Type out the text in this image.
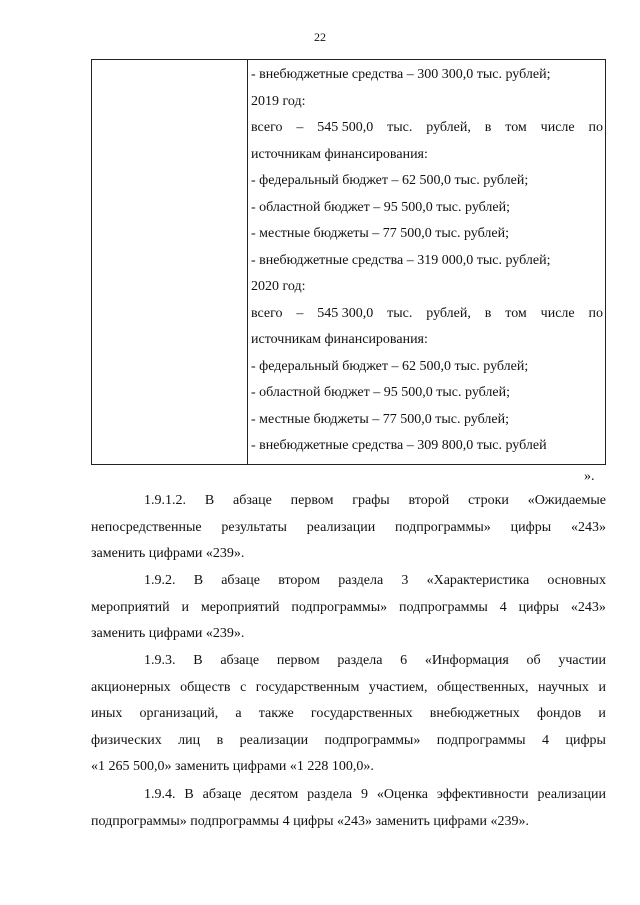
22
- внебюджетные средства – 300 300,0 тыс. рублей;
2019 год:
всего – 545 500,0 тыс. рублей, в том числе по
источникам финансирования:
- федеральный бюджет – 62 500,0 тыс. рублей;
- областной бюджет – 95 500,0 тыс. рублей;
- местные бюджеты – 77 500,0 тыс. рублей;
- внебюджетные средства – 319 000,0 тыс. рублей;
2020 год:
всего – 545 300,0 тыс. рублей, в том числе по
источникам финансирования:
- федеральный бюджет – 62 500,0 тыс. рублей;
- областной бюджет – 95 500,0 тыс. рублей;
- местные бюджеты – 77 500,0 тыс. рублей;
- внебюджетные средства – 309 800,0 тыс. рублей
».
1.9.1.2. В абзаце первом графы второй строки «Ожидаемые
непосредственные результаты реализации подпрограммы» цифры «243»
заменить цифрами «239».
1.9.2. В абзаце втором раздела 3 «Характеристика основных
мероприятий и мероприятий подпрограммы» подпрограммы 4 цифры «243»
заменить цифрами «239».
1.9.3. В абзаце первом раздела 6 «Информация об участии
акционерных обществ с государственным участием, общественных, научных и
иных организаций, а также государственных внебюджетных фондов и
физических лиц в реализации подпрограммы» подпрограммы 4 цифры
«1 265 500,0» заменить цифрами «1 228 100,0».
1.9.4. В абзаце десятом раздела 9 «Оценка эффективности реализации
подпрограммы» подпрограммы 4 цифры «243» заменить цифрами «239».
